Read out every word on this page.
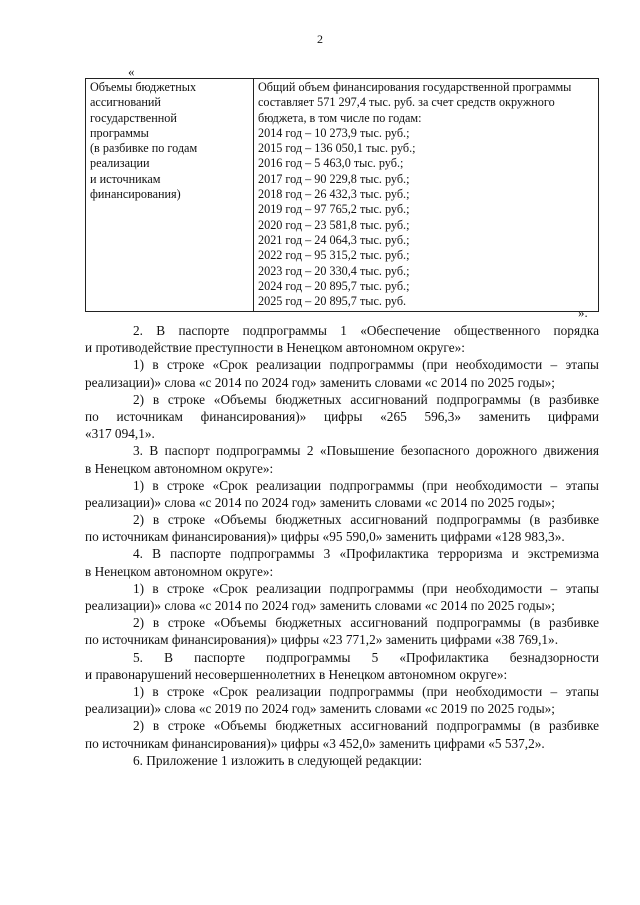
2
«
Объемы бюджетных
ассигнований
государственной
программы
(в разбивке по годам
реализации
и источникам
финансирования)

Общий объем финансирования государственной программы
составляет 571 297,4 тыс. руб. за счет средств окружного
бюджета, в том числе по годам:
2014 год – 10 273,9 тыс. руб.;
2015 год – 136 050,1 тыс. руб.;
2016 год – 5 463,0 тыс. руб.;
2017 год – 90 229,8 тыс. руб.;
2018 год – 26 432,3 тыс. руб.;
2019 год – 97 765,2 тыс. руб.;
2020 год – 23 581,8 тыс. руб.;
2021 год – 24 064,3 тыс. руб.;
2022 год – 95 315,2 тыс. руб.;
2023 год – 20 330,4 тыс. руб.;
2024 год – 20 895,7 тыс. руб.;
2025 год – 20 895,7 тыс. руб.
».
2. В паспорте подпрограммы 1 «Обеспечение общественного порядка
и противодействие преступности в Ненецком автономном округе»:
1) в строке «Срок реализации подпрограммы (при необходимости – этапы
реализации)» слова «с 2014 по 2024 год» заменить словами «с 2014 по 2025 годы»;
2) в строке «Объемы бюджетных ассигнований подпрограммы (в разбивке
по источникам финансирования)» цифры «265 596,3» заменить цифрами
«317 094,1».
3. В паспорт подпрограммы 2 «Повышение безопасного дорожного движения
в Ненецком автономном округе»:
1) в строке «Срок реализации подпрограммы (при необходимости – этапы
реализации)» слова «с 2014 по 2024 год» заменить словами «с 2014 по 2025 годы»;
2) в строке «Объемы бюджетных ассигнований подпрограммы (в разбивке
по источникам финансирования)» цифры «95 590,0» заменить цифрами «128 983,3».
4. В паспорте подпрограммы 3 «Профилактика терроризма и экстремизма
в Ненецком автономном округе»:
1) в строке «Срок реализации подпрограммы (при необходимости – этапы
реализации)» слова «с 2014 по 2024 год» заменить словами «с 2014 по 2025 годы»;
2) в строке «Объемы бюджетных ассигнований подпрограммы (в разбивке
по источникам финансирования)» цифры «23 771,2» заменить цифрами «38 769,1».
5. В паспорте подпрограммы 5 «Профилактика безнадзорности
и правонарушений несовершеннолетних в Ненецком автономном округе»:
1) в строке «Срок реализации подпрограммы (при необходимости – этапы
реализации)» слова «с 2019 по 2024 год» заменить словами «с 2019 по 2025 годы»;
2) в строке «Объемы бюджетных ассигнований подпрограммы (в разбивке
по источникам финансирования)» цифры «3 452,0» заменить цифрами «5 537,2».
6. Приложение 1 изложить в следующей редакции:
